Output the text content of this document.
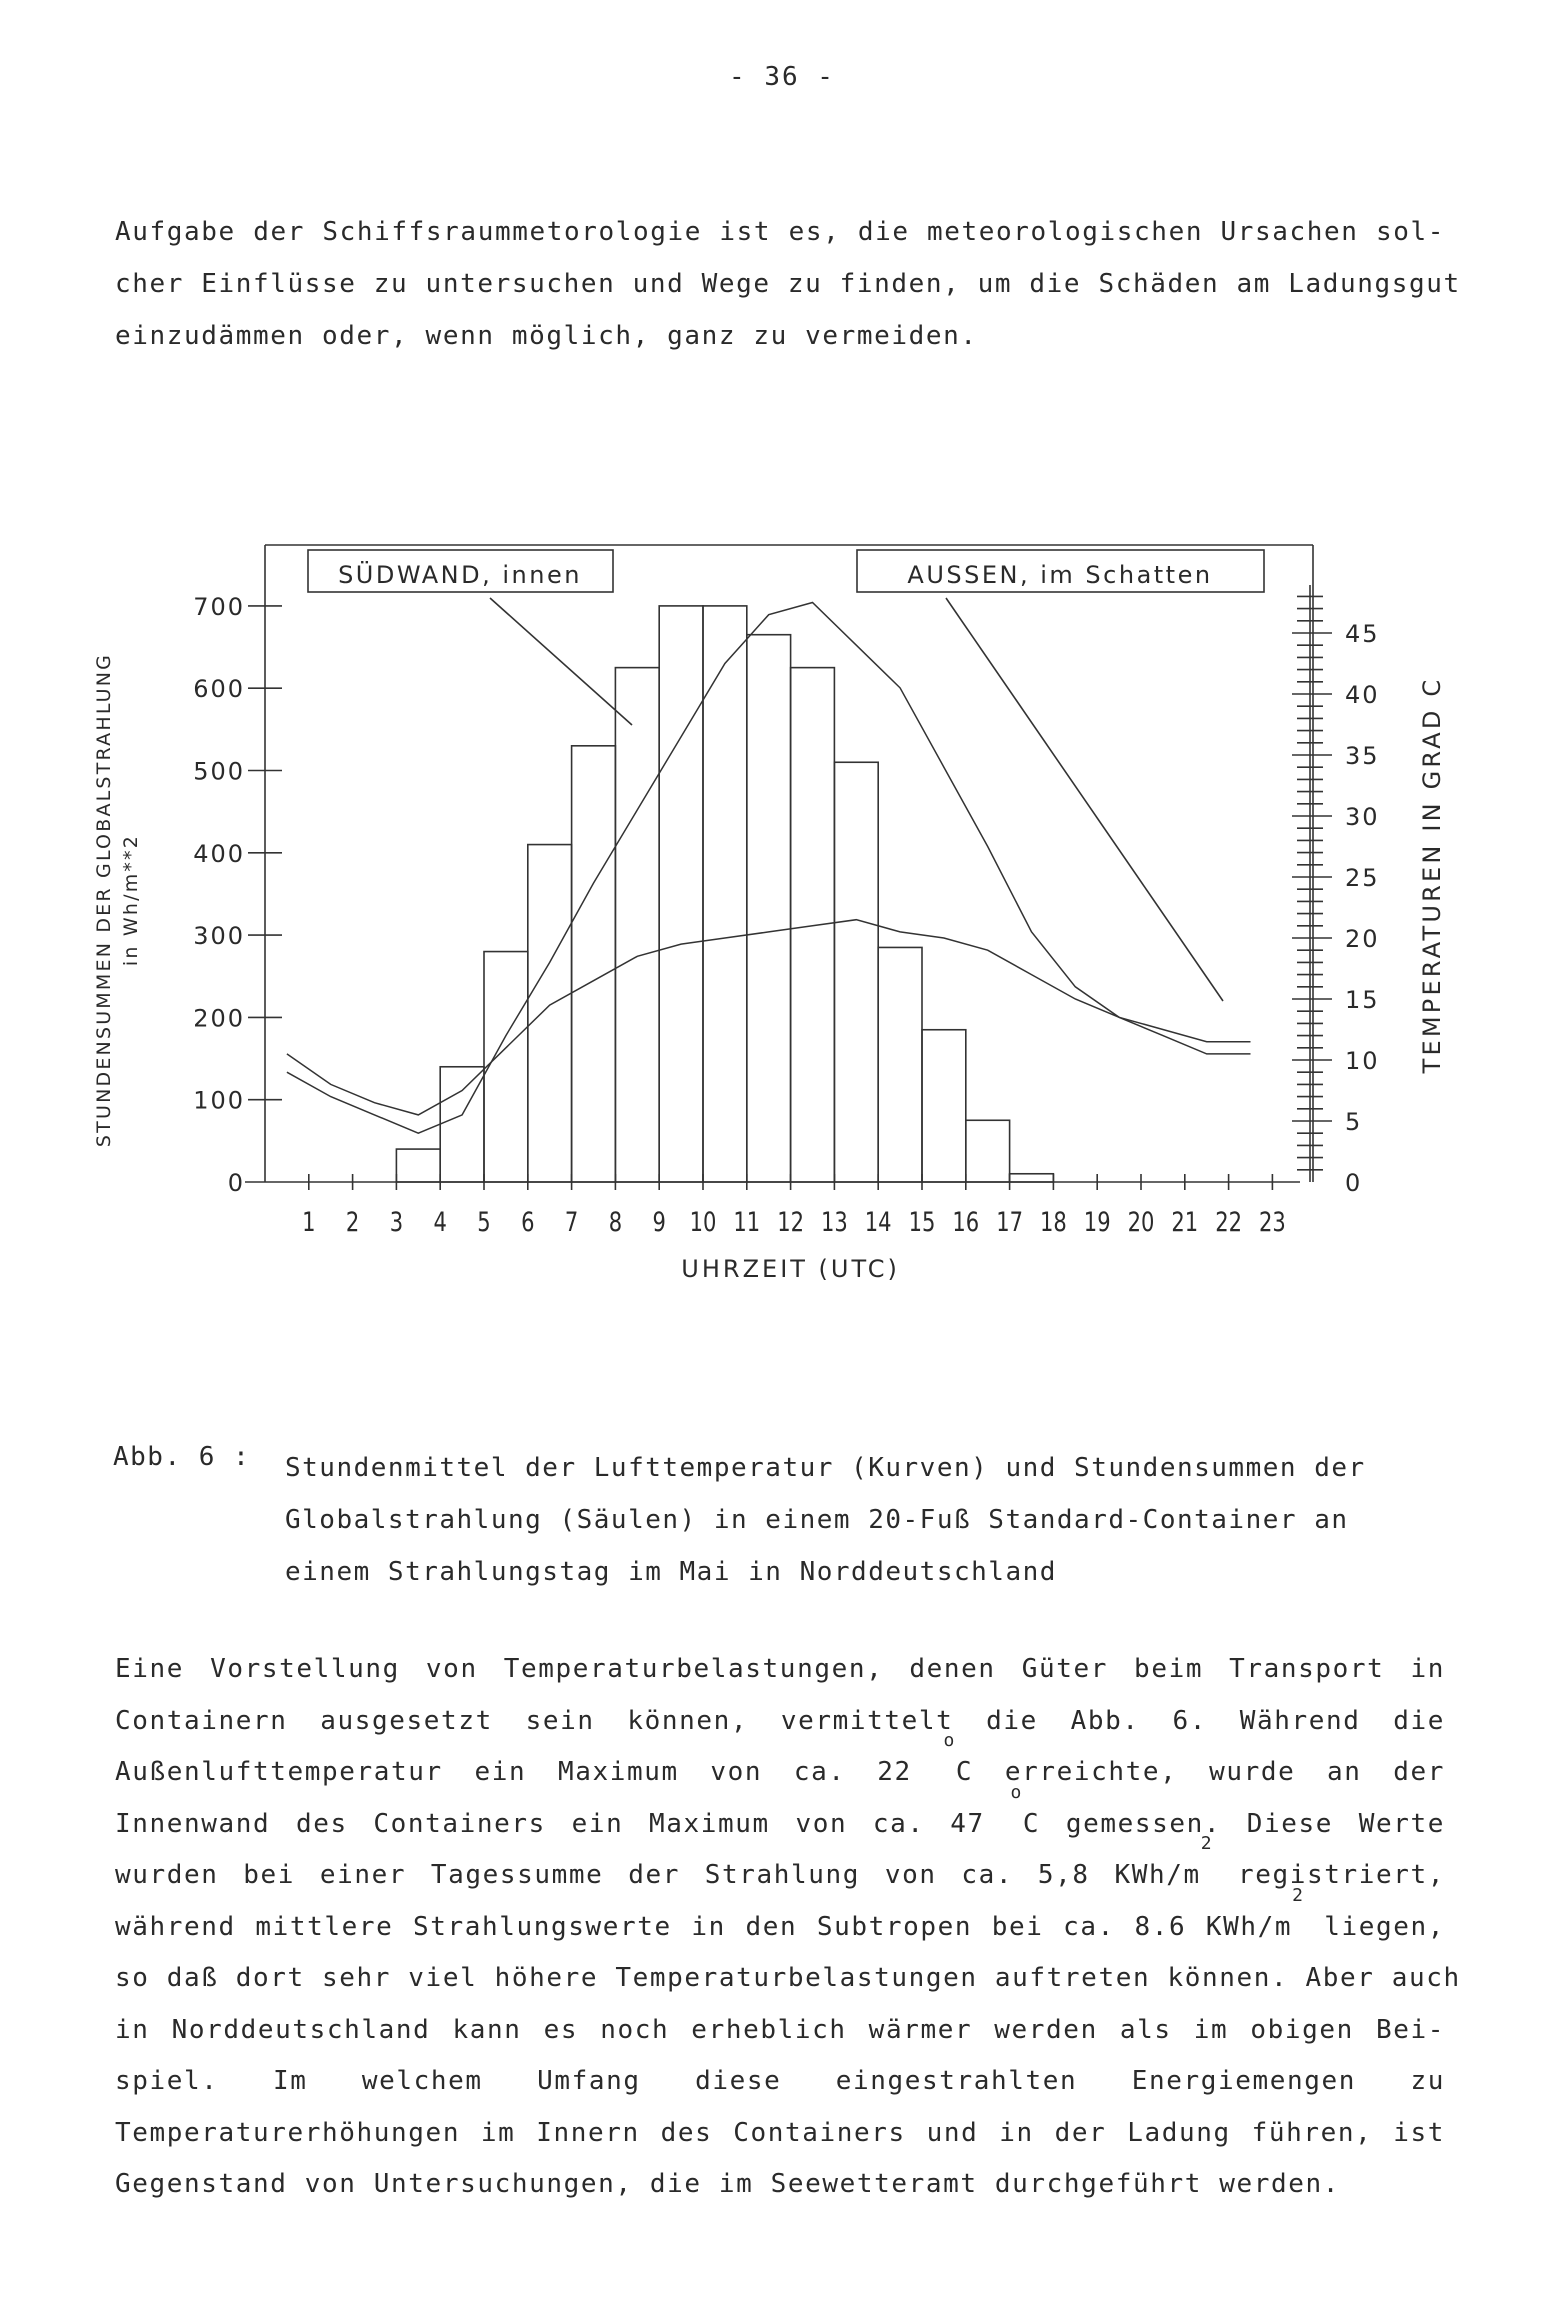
- 36 -
Aufgabe der Schiffsraummetorologie ist es, die meteorologischen Ursachen sol-
cher Einflüsse zu untersuchen und Wege zu finden, um die Schäden am Ladungsgut
einzudämmen oder, wenn möglich, ganz zu vermeiden.
1 2 3 4 5 6 7 8 9 10 11 12 13 14 15 16 17 18 19 20 21 22 23
UHRZEIT (UTC)
0
100
200
300
400
500
600
700
STUNDENSUMMEN DER GLOBALSTRAHLUNG in Wh/m**2
0
5
10
15
20
25
30
35
40
45
TEMPERATUREN IN GRAD C
SÜDWAND, innen	AUSSEN, im Schatten
Abb. 6 : Stundenmittel der Lufttemperatur (Kurven) und Stundensummen der
Globalstrahlung (Säulen) in einem 20-Fuß Standard-Container an
einem Strahlungstag im Mai in Norddeutschland
Eine Vorstellung von Temperaturbelastungen, denen Güter beim Transport in
Containern ausgesetzt sein können, vermittelt die Abb. 6. Während die
Außenlufttemperatur ein Maximum von ca. 22 $^o$C erreichte, wurde an der
Innenwand des Containers ein Maximum von ca. 47 $^o$C gemessen. Diese Werte
wurden bei einer Tagessumme der Strahlung von ca. 5,8 KWh/$m^2$ registriert,
während mittlere Strahlungswerte in den Subtropen bei ca. 8.6 KWh/$m^2$ liegen,
so daß dort sehr viel höhere Temperaturbelastungen auftreten können. Aber auch
in Norddeutschland kann es noch erheblich wärmer werden als im obigen Bei-
spiel. Im welchem Umfang diese eingestrahlten Energiemengen zu
Temperaturerhöhungen im Innern des Containers und in der Ladung führen, ist
Gegenstand von Untersuchungen, die im Seewetteramt durchgeführt werden.
